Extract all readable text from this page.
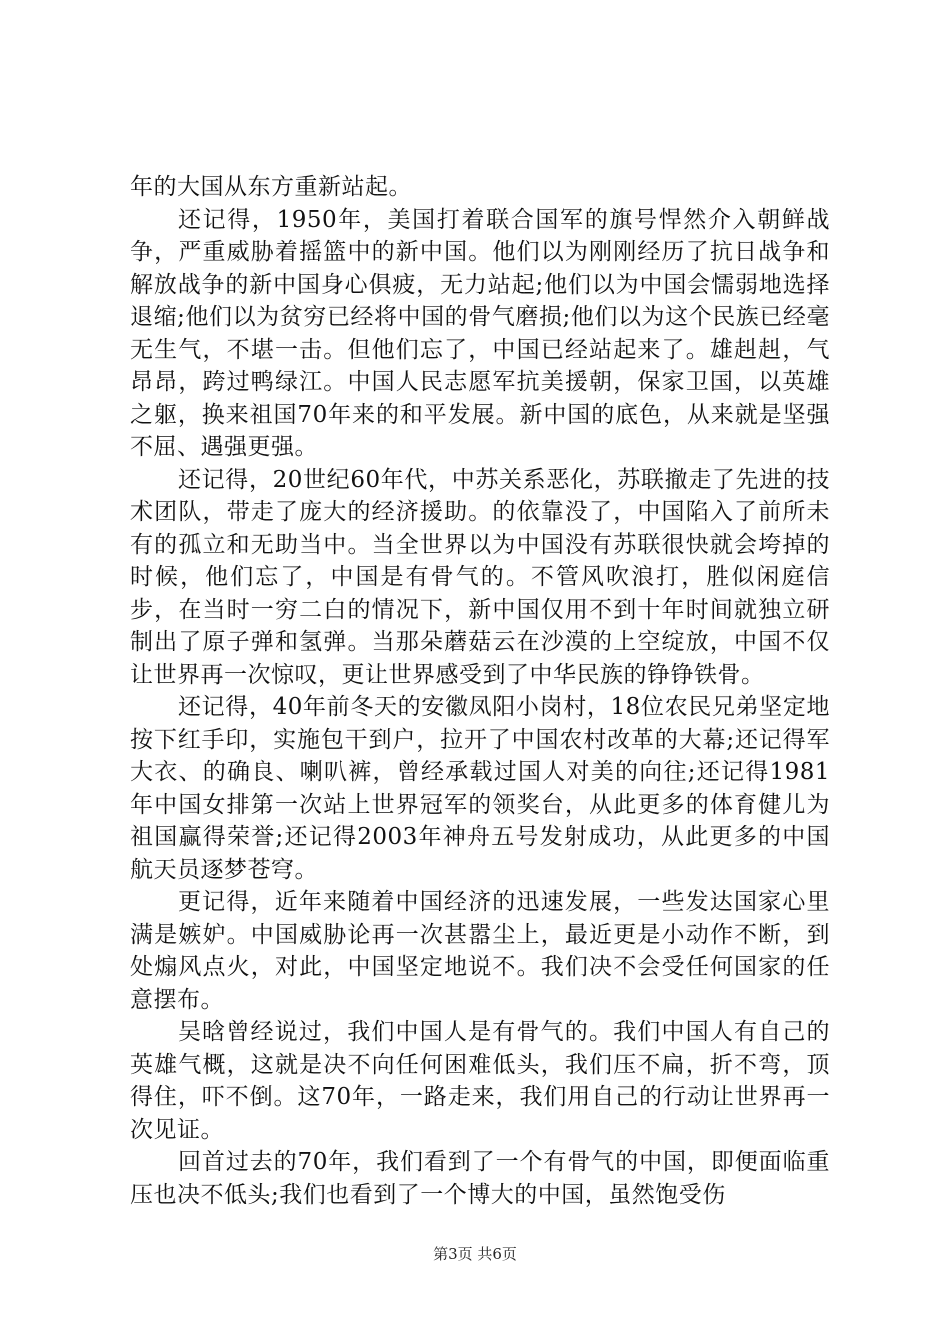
年的大国从东方重新站起。

还记得，1950年，美国打着联合国军的旗号悍然介入朝鲜战争，严重威胁着摇篮中的新中国。他们以为刚刚经历了抗日战争和解放战争的新中国身心俱疲，无力站起;他们以为中国会懦弱地选择退缩;他们以为贫穷已经将中国的骨气磨损;他们以为这个民族已经毫无生气，不堪一击。但他们忘了，中国已经站起来了。雄赳赳，气昂昂，跨过鸭绿江。中国人民志愿军抗美援朝，保家卫国，以英雄之躯，换来祖国70年来的和平发展。新中国的底色，从来就是坚强不屈、遇强更强。

还记得，20世纪60年代，中苏关系恶化，苏联撤走了先进的技术团队，带走了庞大的经济援助。的依靠没了，中国陷入了前所未有的孤立和无助当中。当全世界以为中国没有苏联很快就会垮掉的时候，他们忘了，中国是有骨气的。不管风吹浪打，胜似闲庭信步，在当时一穷二白的情况下，新中国仅用不到十年时间就独立研制出了原子弹和氢弹。当那朵蘑菇云在沙漠的上空绽放，中国不仅让世界再一次惊叹，更让世界感受到了中华民族的铮铮铁骨。

还记得，40年前冬天的安徽凤阳小岗村，18位农民兄弟坚定地按下红手印，实施包干到户，拉开了中国农村改革的大幕;还记得军大衣、的确良、喇叭裤，曾经承载过国人对美的向往;还记得1981年中国女排第一次站上世界冠军的领奖台，从此更多的体育健儿为祖国赢得荣誉;还记得2003年神舟五号发射成功，从此更多的中国航天员逐梦苍穹。

更记得，近年来随着中国经济的迅速发展，一些发达国家心里满是嫉妒。中国威胁论再一次甚嚣尘上，最近更是小动作不断，到处煽风点火，对此，中国坚定地说不。我们决不会受任何国家的任意摆布。

吴晗曾经说过，我们中国人是有骨气的。我们中国人有自己的英雄气概，这就是决不向任何困难低头，我们压不扁，折不弯，顶得住，吓不倒。这70年，一路走来，我们用自己的行动让世界再一次见证。

回首过去的70年，我们看到了一个有骨气的中国，即便面临重压也决不低头;我们也看到了一个博大的中国，虽然饱受伤

第3页 共6页
